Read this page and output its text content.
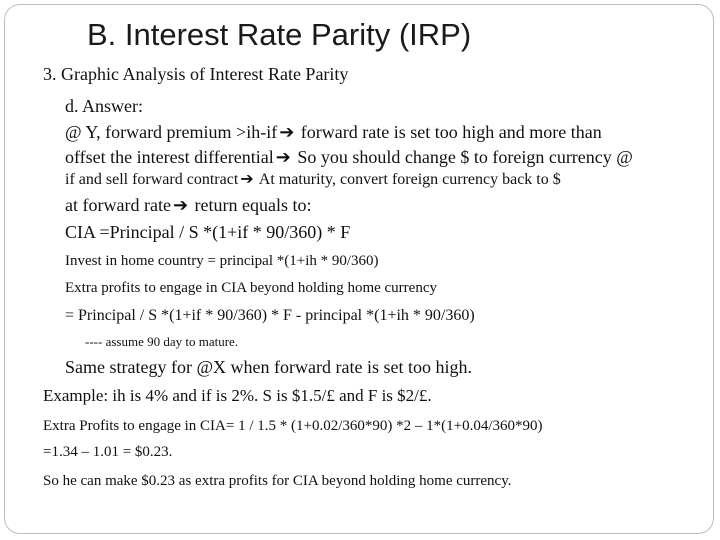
B. Interest Rate Parity (IRP)
3. Graphic Analysis of Interest Rate Parity
d. Answer:
@ Y, forward premium >ih-if ➔ forward rate is set too high and more than
offset the interest differential ➔ So you should change $ to foreign currency @
if and sell forward contract ➔ At maturity, convert foreign currency back to $
at forward rate ➔ return equals to:
CIA =Principal / S *(1+if * 90/360) * F
Invest in home country = principal *(1+ih * 90/360)
Extra profits to engage in CIA beyond holding home currency
= Principal / S *(1+if * 90/360) * F - principal *(1+ih * 90/360)
---- assume 90 day to mature.
Same strategy for @X when forward rate is set too high.
Example: ih is 4% and if is 2%. S is $1.5/£ and F is $2/£.
Extra Profits to engage in CIA= 1 / 1.5 * (1+0.02/360*90) *2 – 1*(1+0.04/360*90)
=1.34 – 1.01 = $0.23.
So he can make $0.23 as extra profits for CIA beyond holding home currency.
